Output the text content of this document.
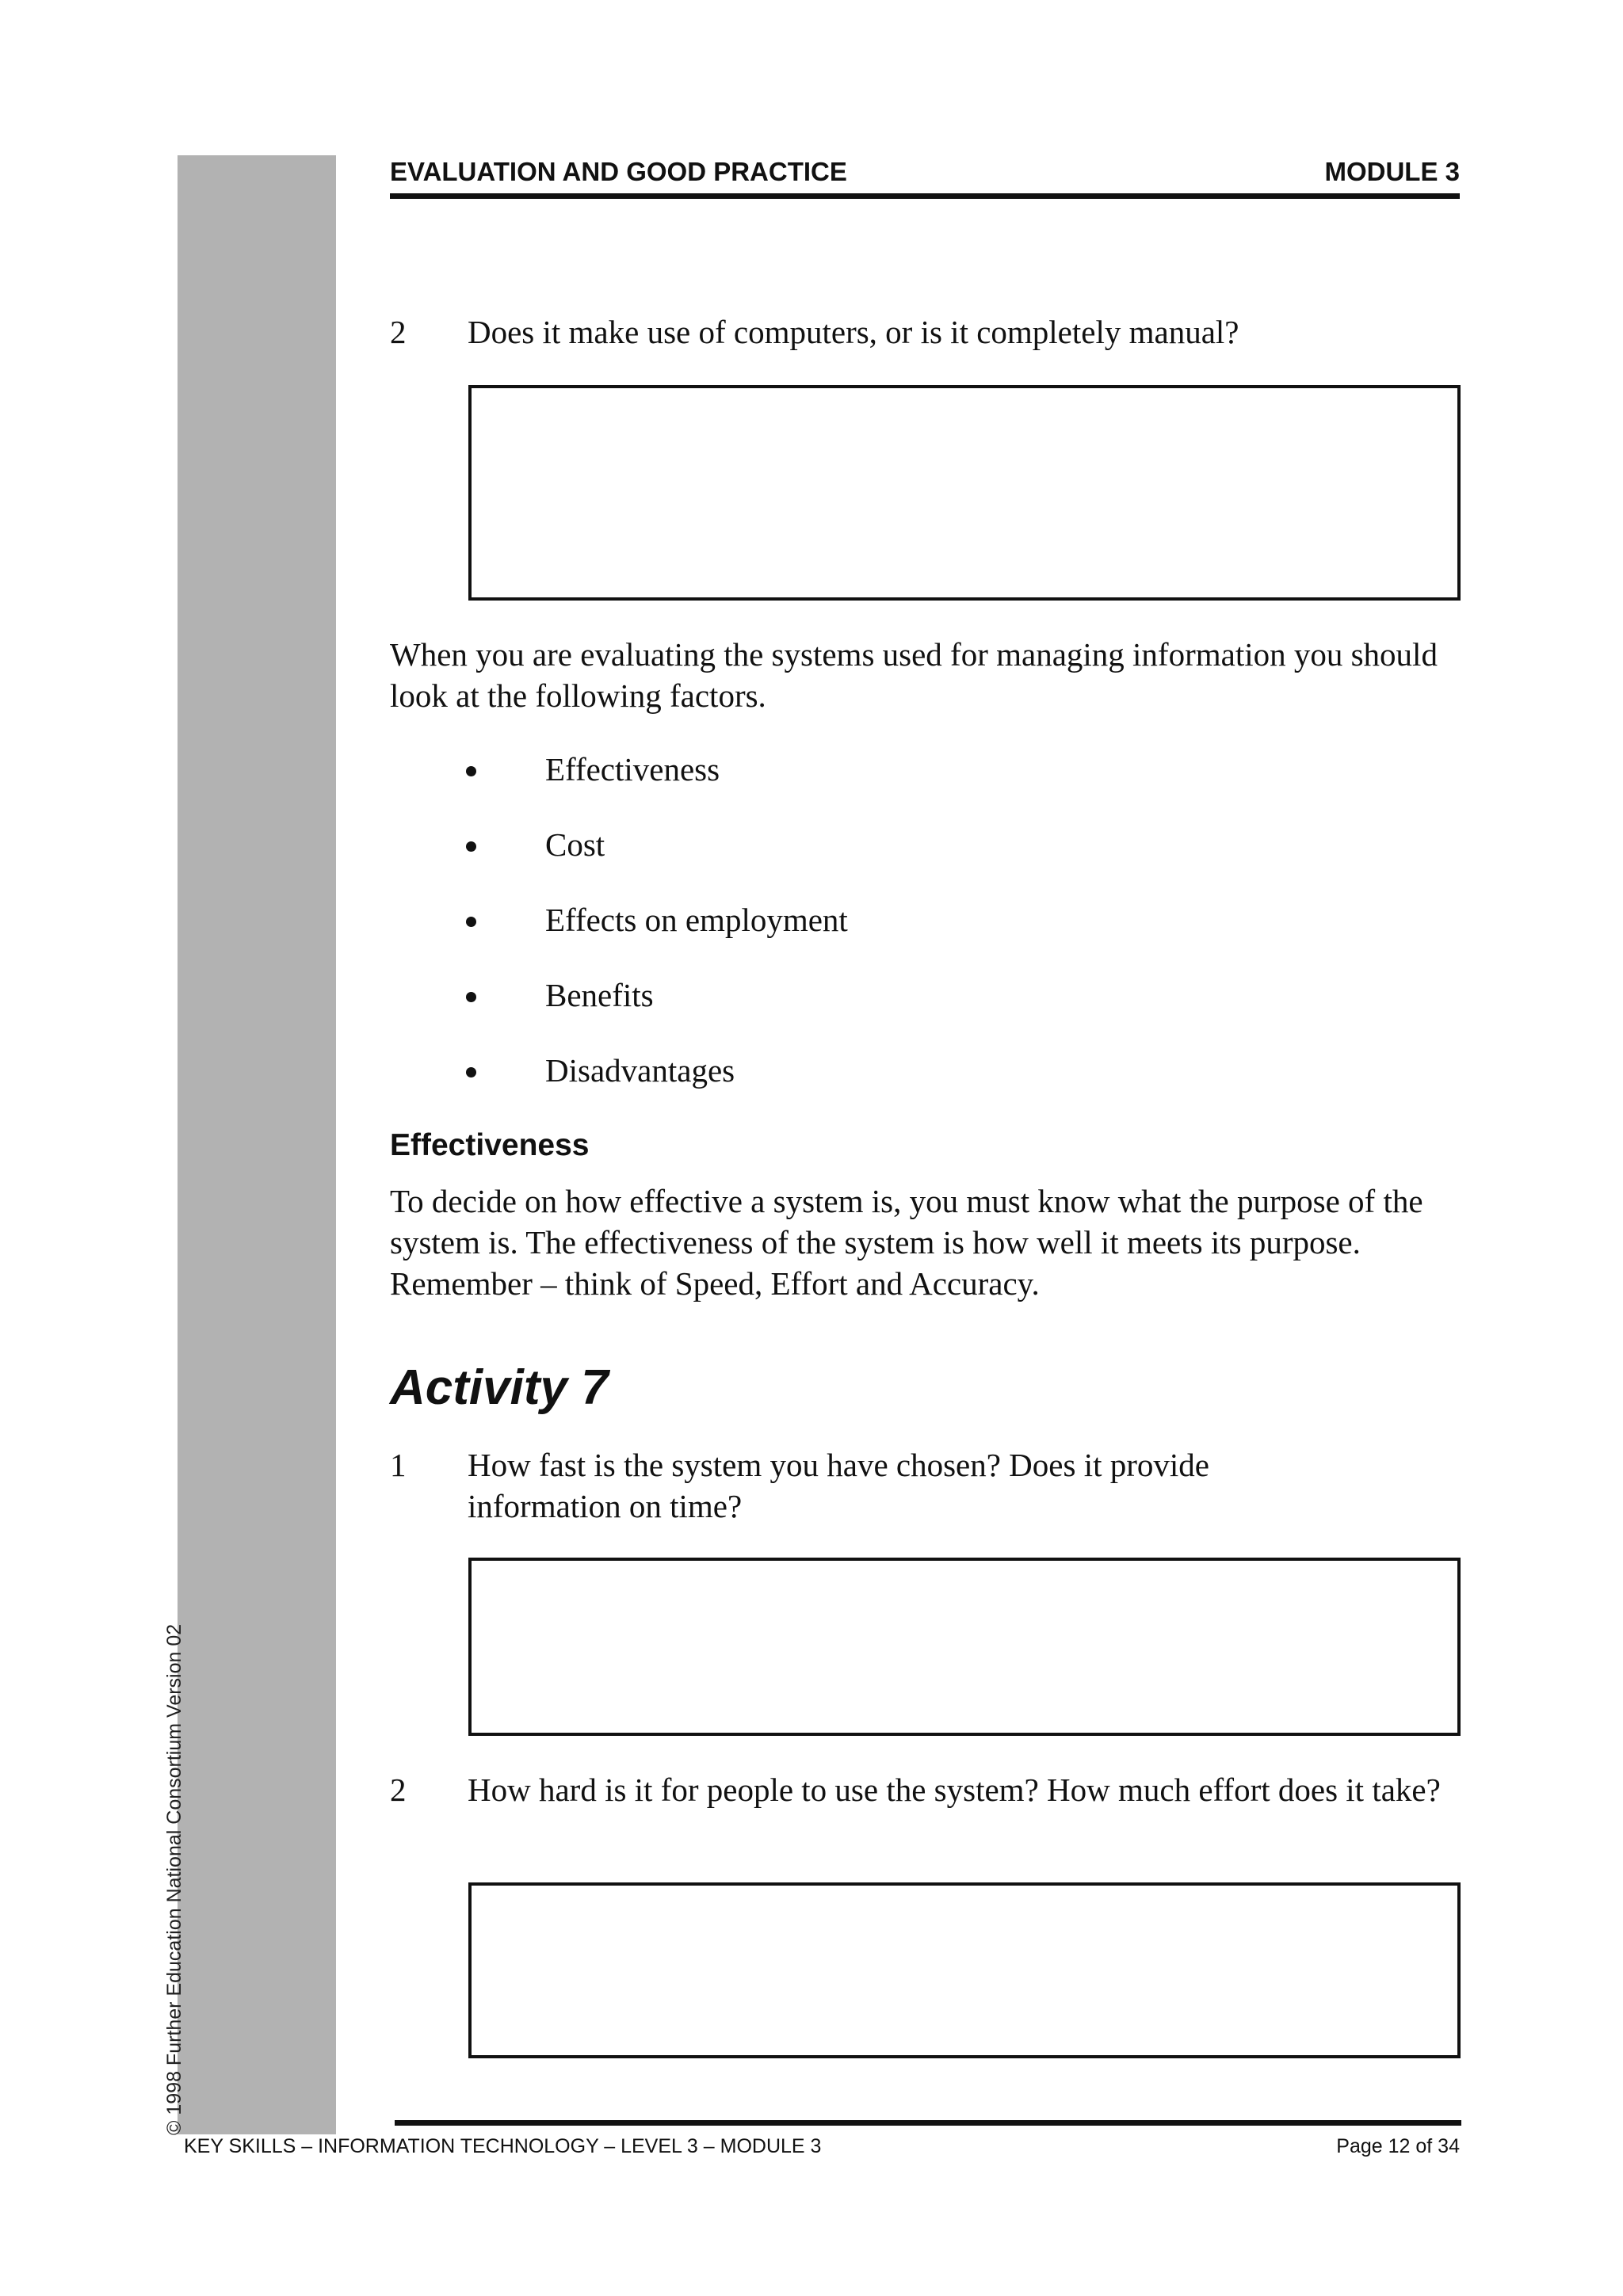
© 1998 Further Education National Consortium Version 02
EVALUATION AND GOOD PRACTICE	MODULE 3
2 Does it make use of computers, or is it completely manual?
When you are evaluating the systems used for managing information you should look at the following factors.
Effectiveness
Cost
Effects on employment
Benefits
Disadvantages
Effectiveness
To decide on how effective a system is, you must know what the purpose of the system is. The effectiveness of the system is how well it meets its purpose. Remember – think of Speed, Effort and Accuracy.
Activity 7
1 How fast is the system you have chosen? Does it provide information on time?
2 How hard is it for people to use the system? How much effort does it take?
KEY SKILLS – INFORMATION TECHNOLOGY – LEVEL 3 – MODULE 3	Page 12 of 34
